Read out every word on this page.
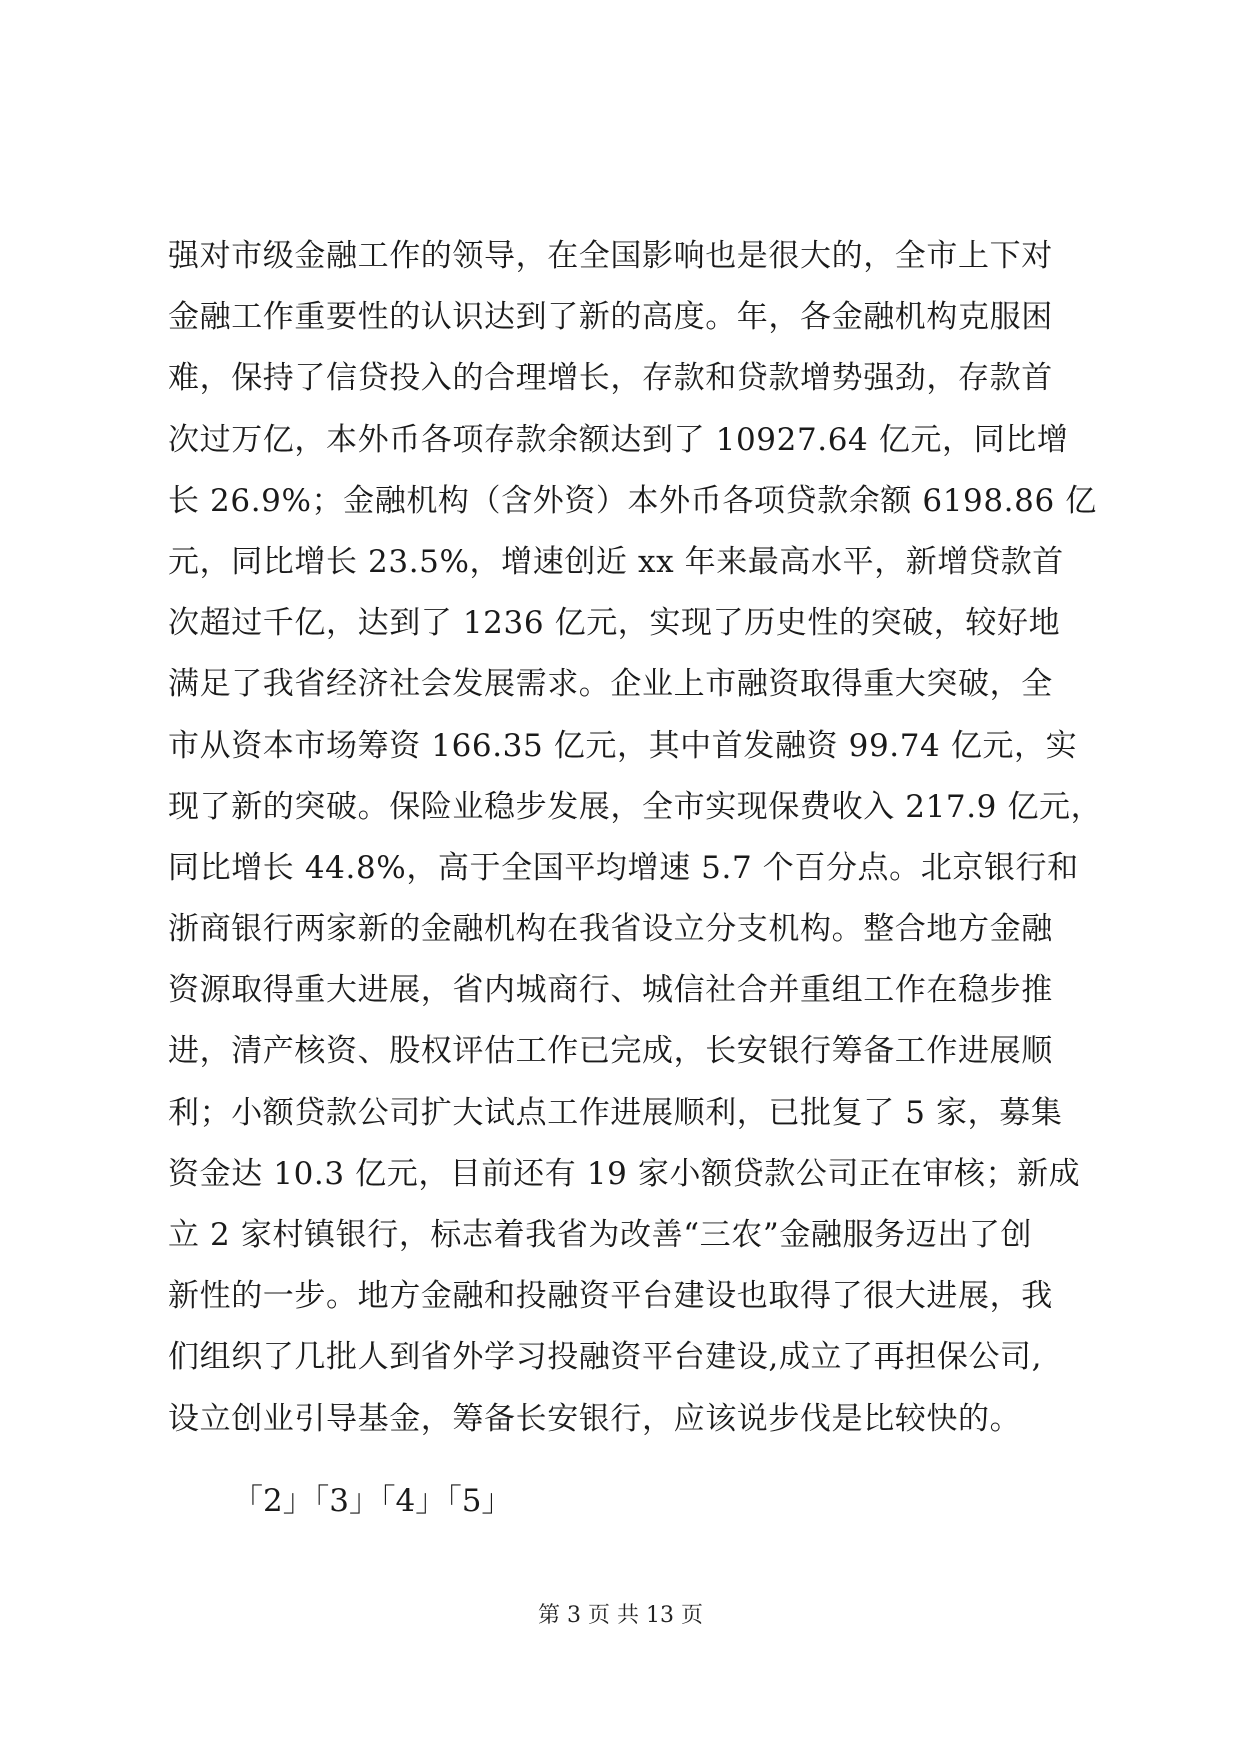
强对市级金融工作的领导，在全国影响也是很大的，全市上下对
金融工作重要性的认识达到了新的高度。年，各金融机构克服困
难，保持了信贷投入的合理增长，存款和贷款增势强劲，存款首
次过万亿，本外币各项存款余额达到了 10927.64 亿元，同比增
长 26.9%；金融机构（含外资）本外币各项贷款余额 6198.86 亿
元，同比增长 23.5%，增速创近 xx 年来最高水平，新增贷款首
次超过千亿，达到了 1236 亿元，实现了历史性的突破，较好地
满足了我省经济社会发展需求。企业上市融资取得重大突破，全
市从资本市场筹资 166.35 亿元，其中首发融资 99.74 亿元，实
现了新的突破。保险业稳步发展，全市实现保费收入 217.9 亿元，
同比增长 44.8%，高于全国平均增速 5.7 个百分点。北京银行和
浙商银行两家新的金融机构在我省设立分支机构。整合地方金融
资源取得重大进展，省内城商行、城信社合并重组工作在稳步推
进，清产核资、股权评估工作已完成，长安银行筹备工作进展顺
利；小额贷款公司扩大试点工作进展顺利，已批复了 5 家，募集
资金达 10.3 亿元，目前还有 19 家小额贷款公司正在审核；新成
立 2 家村镇银行，标志着我省为改善“三农”金融服务迈出了创
新性的一步。地方金融和投融资平台建设也取得了很大进展，我
们组织了几批人到省外学习投融资平台建设,成立了再担保公司,
设立创业引导基金，筹备长安银行，应该说步伐是比较快的。
「2」「3」「4」「5」
第 3 页 共 13 页
